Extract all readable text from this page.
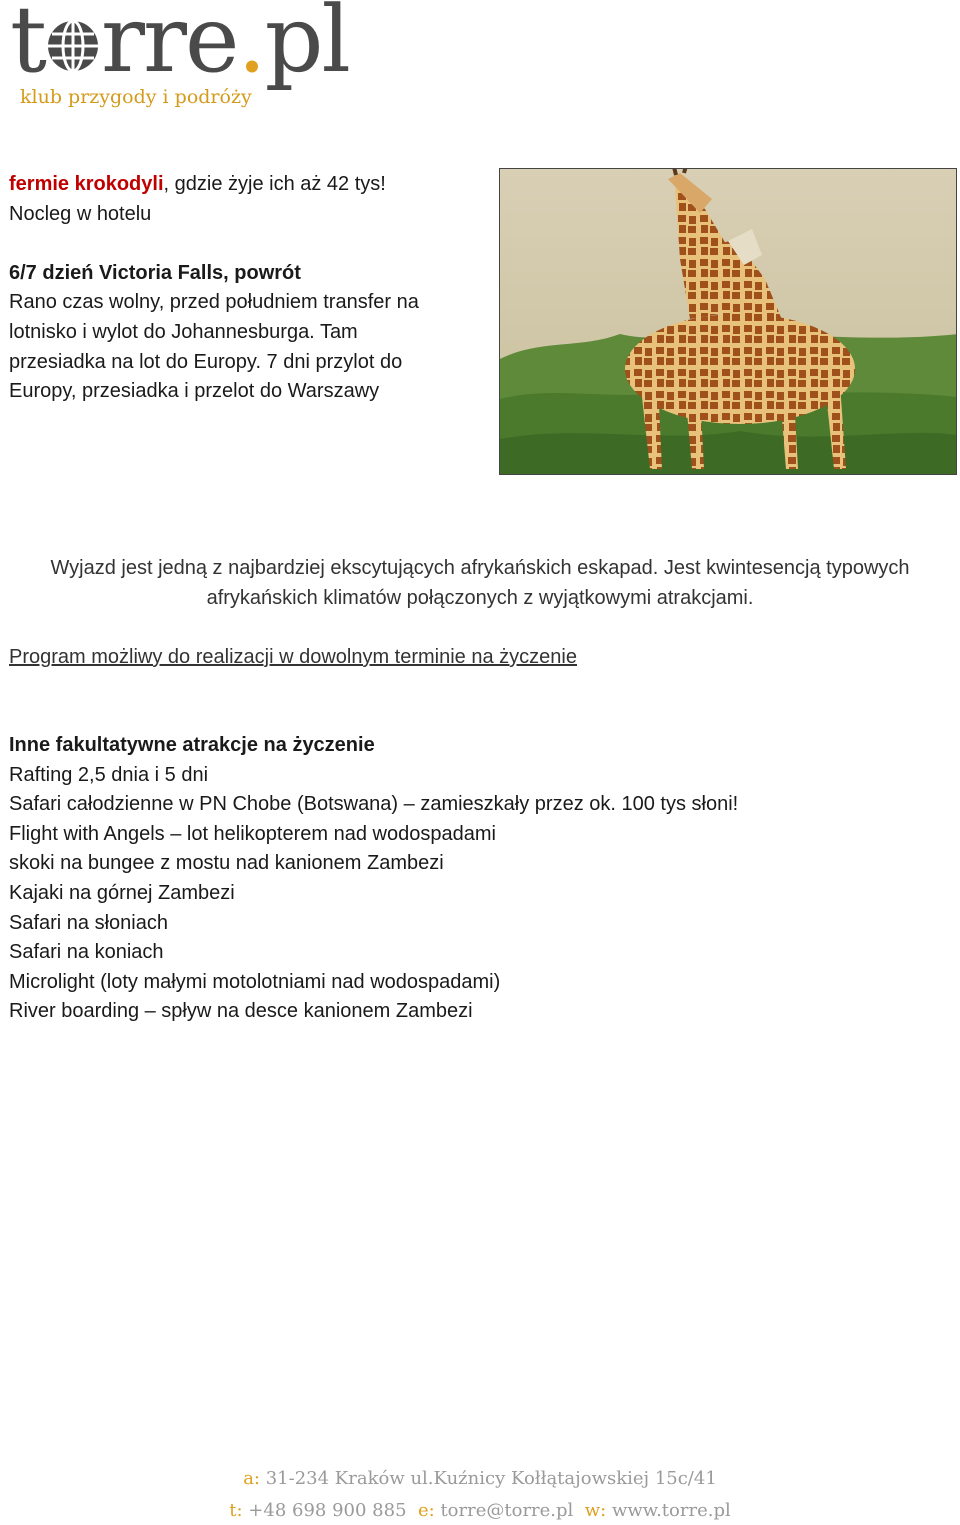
t rre.pl
klub przygody i podróży

fermie krokodyli, gdzie żyje ich aż 42 tys!

Nocleg w hotelu

6/7 dzień Victoria Falls, powrót

Rano czas wolny, przed południem transfer na

lotnisko i wylot do Johannesburga. Tam

przesiadka na lot do Europy. 7 dni przylot do

Europy, przesiadka i przelot do Warszawy

Wyjazd jest jedną z najbardziej ekscytujących afrykańskich eskapad. Jest kwintesencją typowych

afrykańskich klimatów połączonych z wyjątkowymi atrakcjami.

Program możliwy do realizacji w dowolnym terminie na życzenie

Inne fakultatywne atrakcje na życzenie

Rafting 2,5 dnia i 5 dni

Safari całodzienne w PN Chobe (Botswana) – zamieszkały przez ok. 100 tys słoni!

Flight with Angels – lot helikopterem nad wodospadami

skoki na bungee z mostu nad kanionem Zambezi

Kajaki na górnej Zambezi

Safari na słoniach

Safari na koniach

Microlight (loty małymi motolotniami nad wodospadami)

River boarding – spływ na desce kanionem Zambezi

a: 31-234 Kraków ul.Kuźnicy Kołłątajowskiej 15c/41
t: +48 698 900 885 e: torre@torre.pl w: www.torre.pl
